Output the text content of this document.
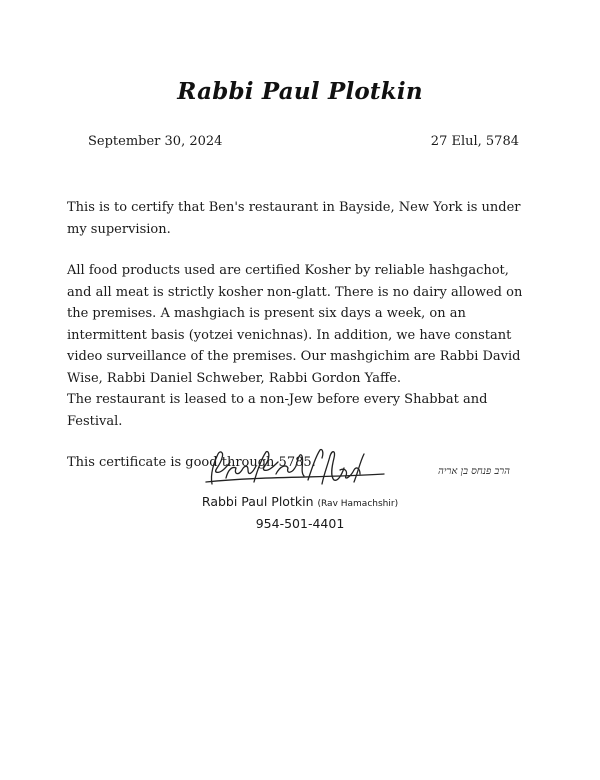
Rabbi Paul Plotkin
September 30, 2024	27 Elul, 5784

This is to certify that Ben's restaurant in Bayside, New York is under my supervision.

All food products used are certified Kosher by reliable hashgachot, and all meat is strictly kosher non-glatt. There is no dairy allowed on the premises. A mashgiach is present six days a week, on an intermittent basis (yotzei venichnas). In addition, we have constant video surveillance of the premises. Our mashgichim are Rabbi David Wise, Rabbi Daniel Schweber, Rabbi Gordon Yaffe.

The restaurant is leased to a non-Jew before every Shabbat and Festival.

This certificate is good through 5785.

הרב פנחס בן אריה
Rabbi Paul Plotkin (Rav Hamachshir)
954-501-4401
